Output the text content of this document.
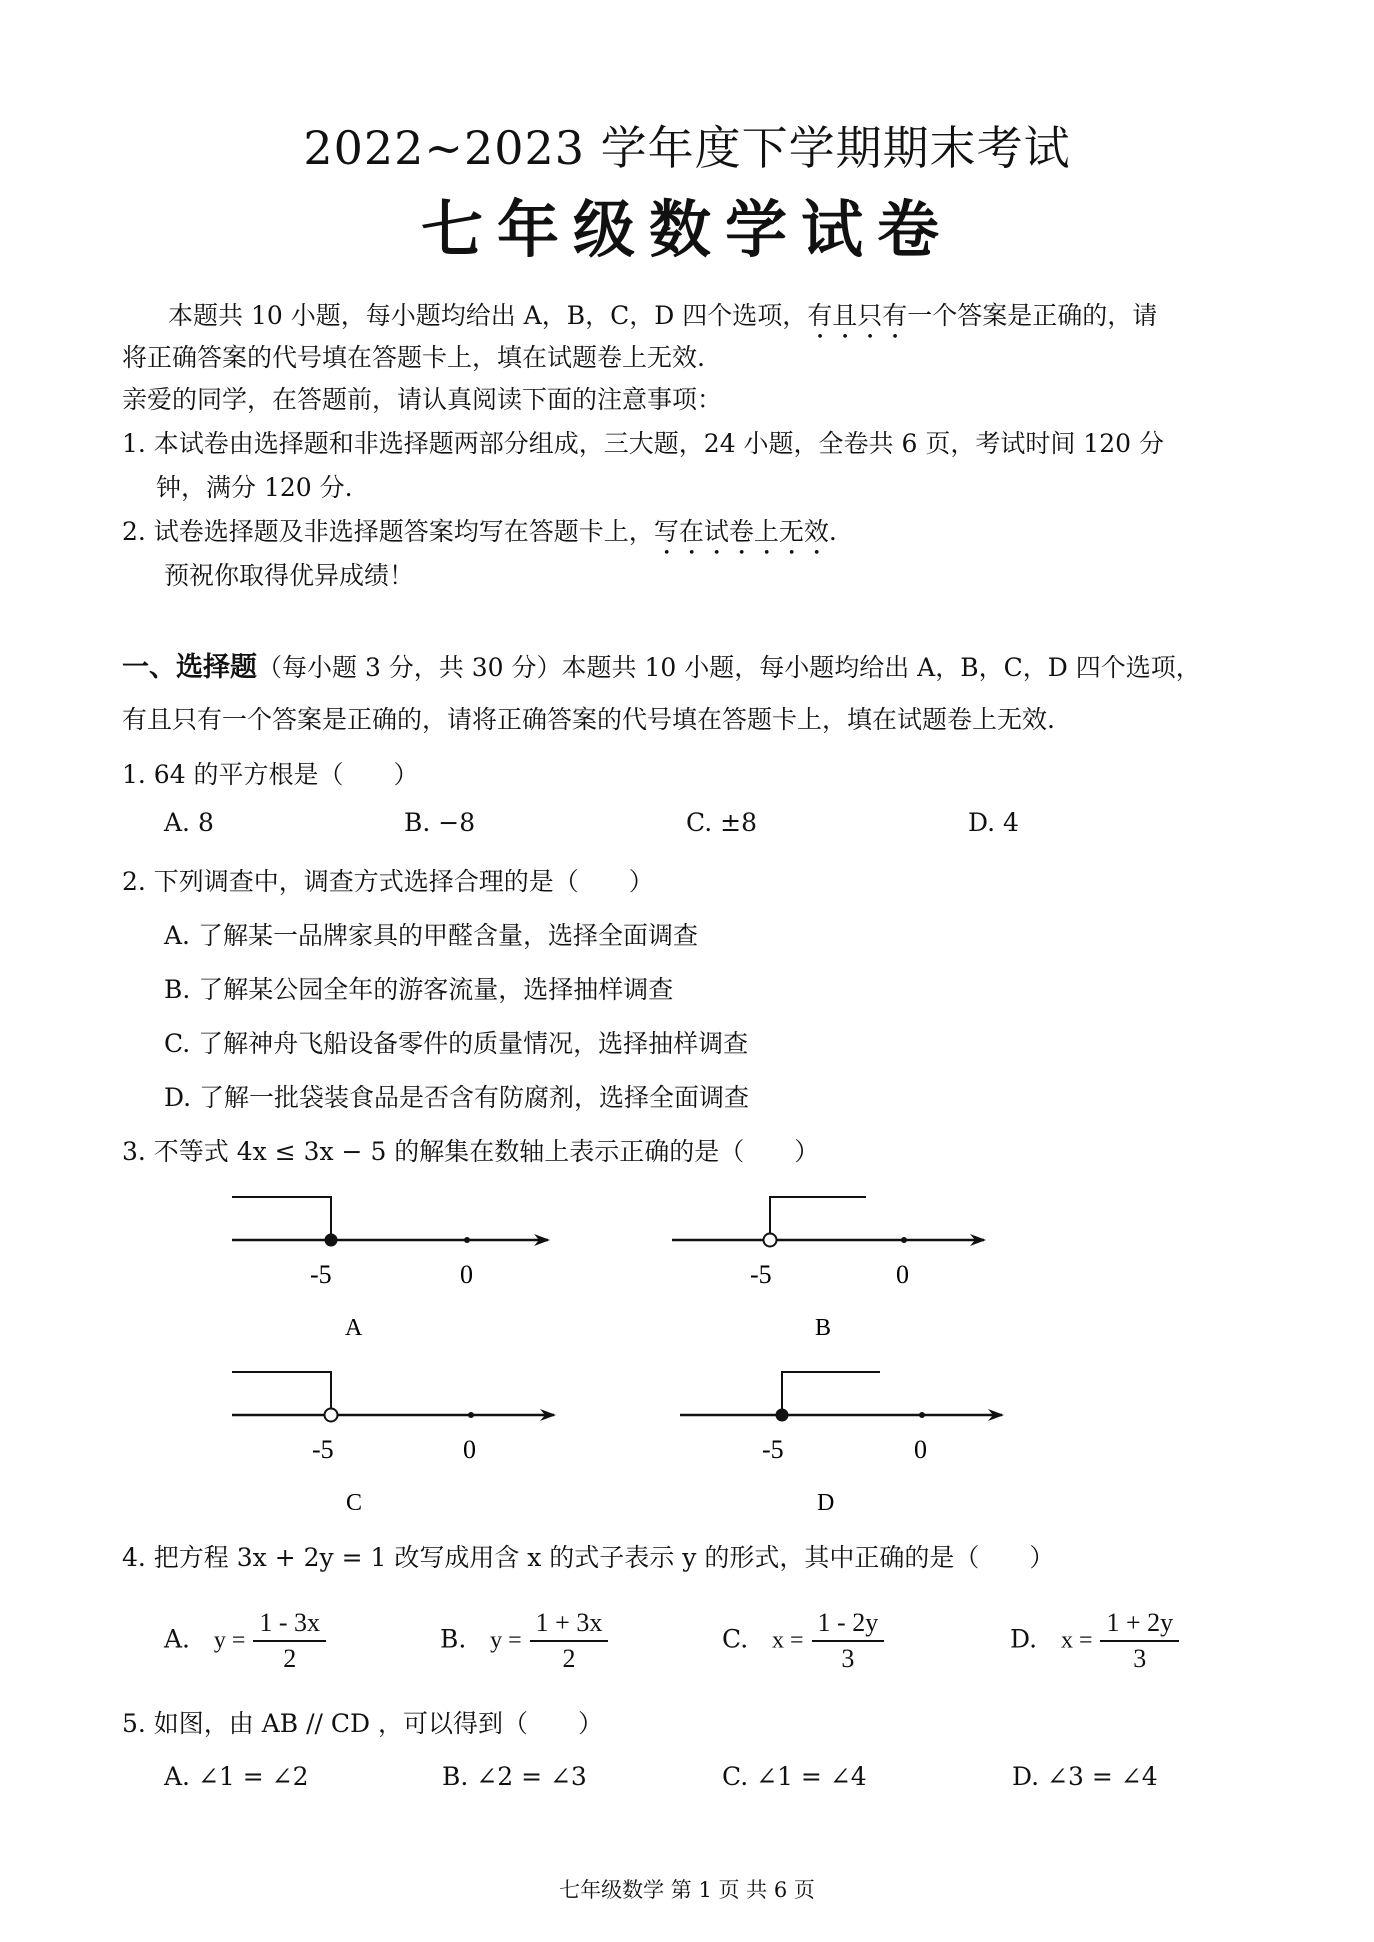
2022~2023 学年度下学期期末考试
七年级数学试卷
本题共 10 小题，每小题均给出 A，B，C，D 四个选项，有且只有一个答案是正确的，请
将正确答案的代号填在答题卡上，填在试题卷上无效.
亲爱的同学，在答题前，请认真阅读下面的注意事项：
1. 本试卷由选择题和非选择题两部分组成，三大题，24 小题，全卷共 6 页，考试时间 120 分
钟，满分 120 分.
2. 试卷选择题及非选择题答案均写在答题卡上，写在试卷上无效.
预祝你取得优异成绩！
一、选择题（每小题 3 分，共 30 分）本题共 10 小题，每小题均给出 A，B，C，D 四个选项，
有且只有一个答案是正确的，请将正确答案的代号填在答题卡上，填在试题卷上无效.
1. 64 的平方根是（　　）
A. 8	B. −8	C. ±8	D. 4
2. 下列调查中，调查方式选择合理的是（　　）
A. 了解某一品牌家具的甲醛含量，选择全面调查
B. 了解某公园全年的游客流量，选择抽样调查
C. 了解神舟飞船设备零件的质量情况，选择抽样调查
D. 了解一批袋装食品是否含有防腐剂，选择全面调查
3. 不等式 4x ≤ 3x − 5 的解集在数轴上表示正确的是（　　）
-5	0
A
-5	0
B
-5	0
C
-5	0
D
4. 把方程 3x + 2y = 1 改写成用含 x 的式子表示 y 的形式，其中正确的是（　　）
A. $y = \frac{1 - 3x}{2}$	B. $y = \frac{1 + 3x}{2}$	C. $x = \frac{1 - 2y}{3}$	D. $x = \frac{1 + 2y}{3}$
5. 如图，由 AB // CD ，可以得到（　　）
A. ∠1 = ∠2	B. ∠2 = ∠3	C. ∠1 = ∠4	D. ∠3 = ∠4
七年级数学 第 1 页 共 6 页
